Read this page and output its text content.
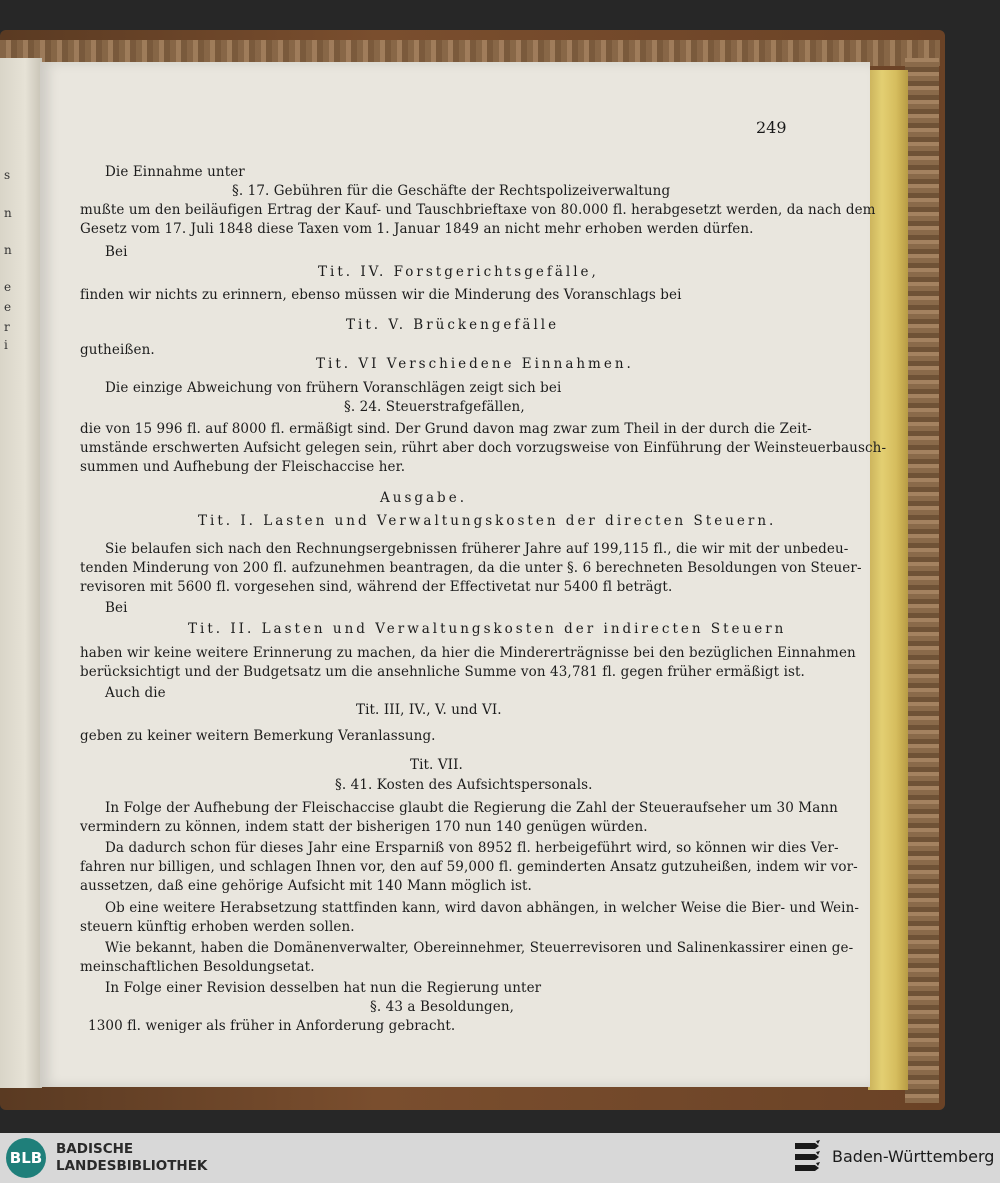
s
n
n
e
e
r
i
249
Die Einnahme unter
§. 17. Gebühren für die Geschäfte der Rechtspolizeiverwaltung
mußte um den beiläufigen Ertrag der Kauf- und Tauschbrieftaxe von 80.000 fl. herabgesetzt werden, da nach dem
Gesetz vom 17. Juli 1848 diese Taxen vom 1. Januar 1849 an nicht mehr erhoben werden dürfen.
Bei
Tit. IV. Forstgerichtsgefälle,
finden wir nichts zu erinnern, ebenso müssen wir die Minderung des Voranschlags bei
Tit. V. Brückengefälle
gutheißen.
Tit. VI Verschiedene Einnahmen.
Die einzige Abweichung von frühern Voranschlägen zeigt sich bei
§. 24. Steuerstrafgefällen,
die von 15 996 fl. auf 8000 fl. ermäßigt sind. Der Grund davon mag zwar zum Theil in der durch die Zeit-
umstände erschwerten Aufsicht gelegen sein, rührt aber doch vorzugsweise von Einführung der Weinsteuerbausch-
summen und Aufhebung der Fleischaccise her.
Ausgabe.
Tit. I. Lasten und Verwaltungskosten der directen Steuern.
Sie belaufen sich nach den Rechnungsergebnissen früherer Jahre auf 199,115 fl., die wir mit der unbedeu-
tenden Minderung von 200 fl. aufzunehmen beantragen, da die unter §. 6 berechneten Besoldungen von Steuer-
revisoren mit 5600 fl. vorgesehen sind, während der Effectivetat nur 5400 fl beträgt.
Bei
Tit. II. Lasten und Verwaltungskosten der indirecten Steuern
haben wir keine weitere Erinnerung zu machen, da hier die Mindererträgnisse bei den bezüglichen Einnahmen
berücksichtigt und der Budgetsatz um die ansehnliche Summe von 43,781 fl. gegen früher ermäßigt ist.
Auch die
Tit. III, IV., V. und VI.
geben zu keiner weitern Bemerkung Veranlassung.
Tit. VII.
§. 41. Kosten des Aufsichtspersonals.
In Folge der Aufhebung der Fleischaccise glaubt die Regierung die Zahl der Steueraufseher um 30 Mann
vermindern zu können, indem statt der bisherigen 170 nun 140 genügen würden.
Da dadurch schon für dieses Jahr eine Ersparniß von 8952 fl. herbeigeführt wird, so können wir dies Ver-
fahren nur billigen, und schlagen Ihnen vor, den auf 59,000 fl. geminderten Ansatz gutzuheißen, indem wir vor-
aussetzen, daß eine gehörige Aufsicht mit 140 Mann möglich ist.
Ob eine weitere Herabsetzung stattfinden kann, wird davon abhängen, in welcher Weise die Bier- und Wein-
steuern künftig erhoben werden sollen.
Wie bekannt, haben die Domänenverwalter, Obereinnehmer, Steuerrevisoren und Salinenkassirer einen ge-
meinschaftlichen Besoldungsetat.
In Folge einer Revision desselben hat nun die Regierung unter
§. 43 a Besoldungen,
1300 fl. weniger als früher in Anforderung gebracht.
BLB BADISCHE
LANDESBIBLIOTHEK	Baden-Württemberg
